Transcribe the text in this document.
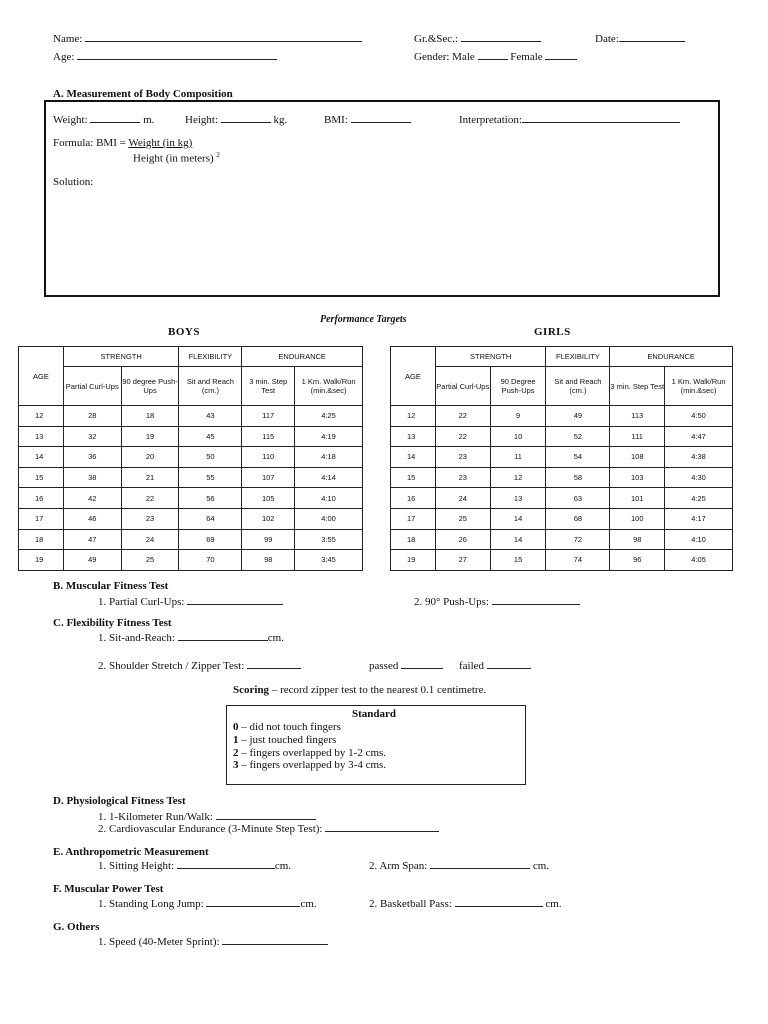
Name:	Gr.&Sec.:	Date:
Age:	Gender: Male	Female
A. Measurement of Body Composition
Weight:	m.	Height:	kg.	BMI:	Interpretation:
Formula: BMI = Weight (in kg)
Height (in meters) $^2$
Solution:
Performance Targets
BOYS	GIRLS
AGE	STRENGTH		FLEXIBILITY	ENDURANCE	
	Partial Curl-Ups	90 degree Push-Ups	Sit and Reach (cm.)	3 min. Step Test	1 Km. Walk/Run (min.&sec)
12	28	18	43	117	4:25
13	32	19	45	115	4:19
14	36	20	50	110	4:18
15	38	21	55	107	4:14
16	42	22	56	105	4:10
17	46	23	64	102	4:00
18	47	24	69	99	3:55
19	49	25	70	98	3:45
AGE	STRENGTH		FLEXIBILITY	ENDURANCE	
	Partial Curl-Ups	90 Degree Push-Ups	Sit and Reach (cm.)	3 min. Step Test	1 Km. Walk/Run (min.&sec)
12	22	9	49	113	4:50
13	22	10	52	111	4:47
14	23	11	54	108	4:38
15	23	12	58	103	4:30
16	24	13	63	101	4:25
17	25	14	68	100	4:17
18	26	14	72	98	4:10
19	27	15	74	96	4:05
B. Muscular Fitness Test
1. Partial Curl-Ups:	2. 90° Push-Ups:
C. Flexibility Fitness Test
1. Sit-and-Reach:	cm.
2. Shoulder Stretch / Zipper Test:	passed	failed
Scoring – record zipper test to the nearest 0.1 centimetre.
Standard
0 – did not touch fingers
1 – just touched fingers
2 – fingers overlapped by 1-2 cms.
3 – fingers overlapped by 3-4 cms.
D. Physiological Fitness Test
1. 1-Kilometer Run/Walk:
2. Cardiovascular Endurance (3-Minute Step Test):
E. Anthropometric Measurement
1. Sitting Height:	cm.	2. Arm Span:	cm.
F. Muscular Power Test
1. Standing Long Jump:	cm.	2. Basketball Pass:	cm.
G. Others
1. Speed (40-Meter Sprint):
